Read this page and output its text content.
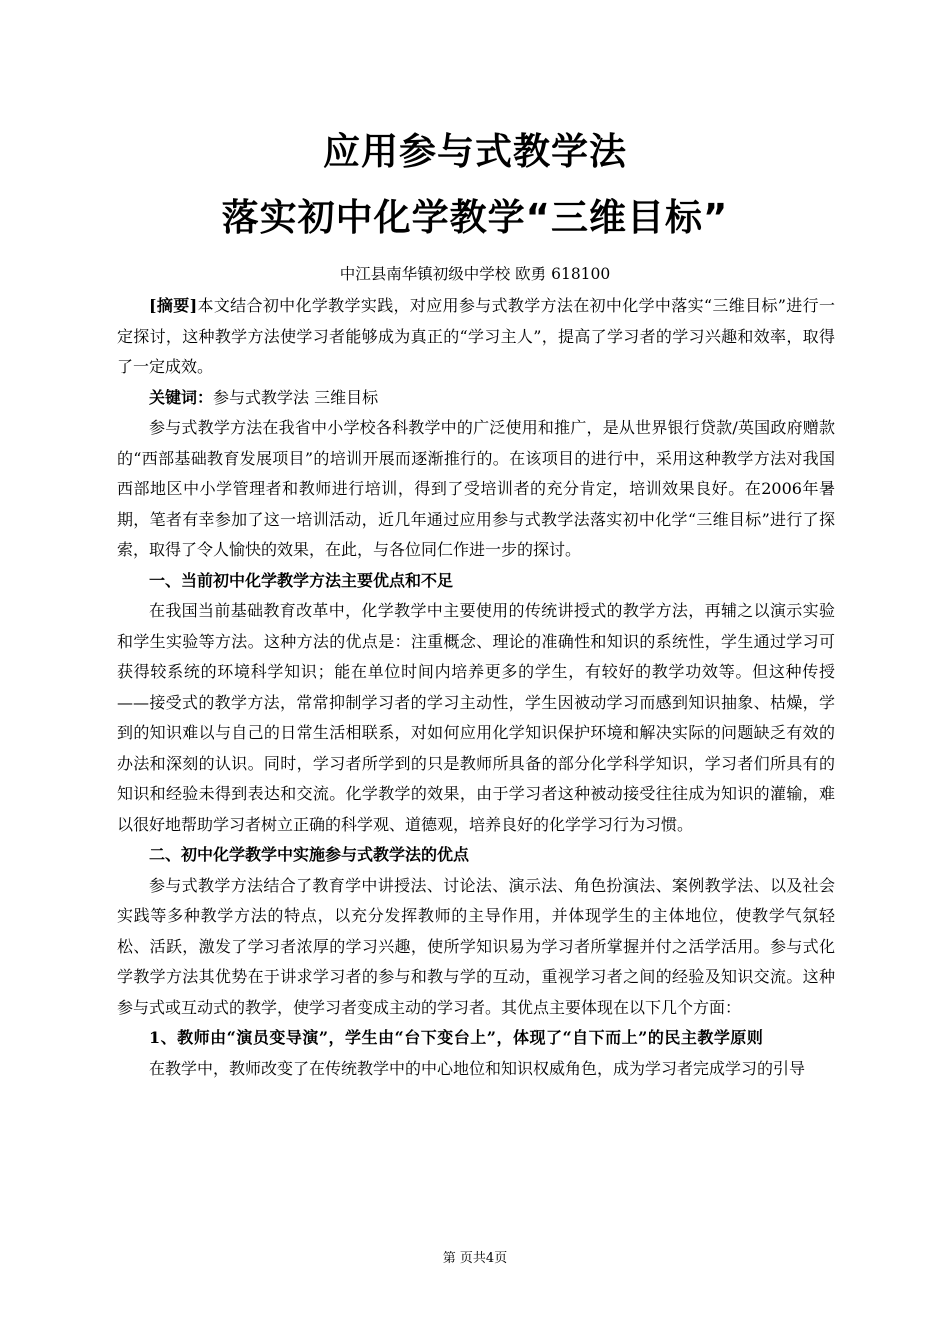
应用参与式教学法
落实初中化学教学“三维目标”
中江县南华镇初级中学校 欧勇 618100

[摘要]本文结合初中化学教学实践，对应用参与式教学方法在初中化学中落实“三维目标”进行一定探讨，这种教学方法使学习者能够成为真正的“学习主人”，提高了学习者的学习兴趣和效率，取得了一定成效。

关键词：参与式教学法 三维目标

参与式教学方法在我省中小学校各科教学中的广泛使用和推广，是从世界银行贷款/英国政府赠款的“西部基础教育发展项目”的培训开展而逐渐推行的。在该项目的进行中，采用这种教学方法对我国西部地区中小学管理者和教师进行培训，得到了受培训者的充分肯定，培训效果良好。在2006年暑期，笔者有幸参加了这一培训活动，近几年通过应用参与式教学法落实初中化学“三维目标”进行了探索，取得了令人愉快的效果，在此，与各位同仁作进一步的探讨。

一、当前初中化学教学方法主要优点和不足

在我国当前基础教育改革中，化学教学中主要使用的传统讲授式的教学方法，再辅之以演示实验和学生实验等方法。这种方法的优点是：注重概念、理论的准确性和知识的系统性，学生通过学习可获得较系统的环境科学知识；能在单位时间内培养更多的学生，有较好的教学功效等。但这种传授——接受式的教学方法，常常抑制学习者的学习主动性，学生因被动学习而感到知识抽象、枯燥，学到的知识难以与自己的日常生活相联系，对如何应用化学知识保护环境和解决实际的问题缺乏有效的办法和深刻的认识。同时，学习者所学到的只是教师所具备的部分化学科学知识，学习者们所具有的知识和经验未得到表达和交流。化学教学的效果，由于学习者这种被动接受往往成为知识的灌输，难以很好地帮助学习者树立正确的科学观、道德观，培养良好的化学学习行为习惯。

二、初中化学教学中实施参与式教学法的优点

参与式教学方法结合了教育学中讲授法、讨论法、演示法、角色扮演法、案例教学法、以及社会实践等多种教学方法的特点，以充分发挥教师的主导作用，并体现学生的主体地位，使教学气氛轻松、活跃，激发了学习者浓厚的学习兴趣，使所学知识易为学习者所掌握并付之活学活用。参与式化学教学方法其优势在于讲求学习者的参与和教与学的互动，重视学习者之间的经验及知识交流。这种参与式或互动式的教学，使学习者变成主动的学习者。其优点主要体现在以下几个方面：

1、教师由“演员变导演”，学生由“台下变台上”，体现了“自下而上”的民主教学原则

在教学中，教师改变了在传统教学中的中心地位和知识权威角色，成为学习者完成学习的引导

第 页共4页
